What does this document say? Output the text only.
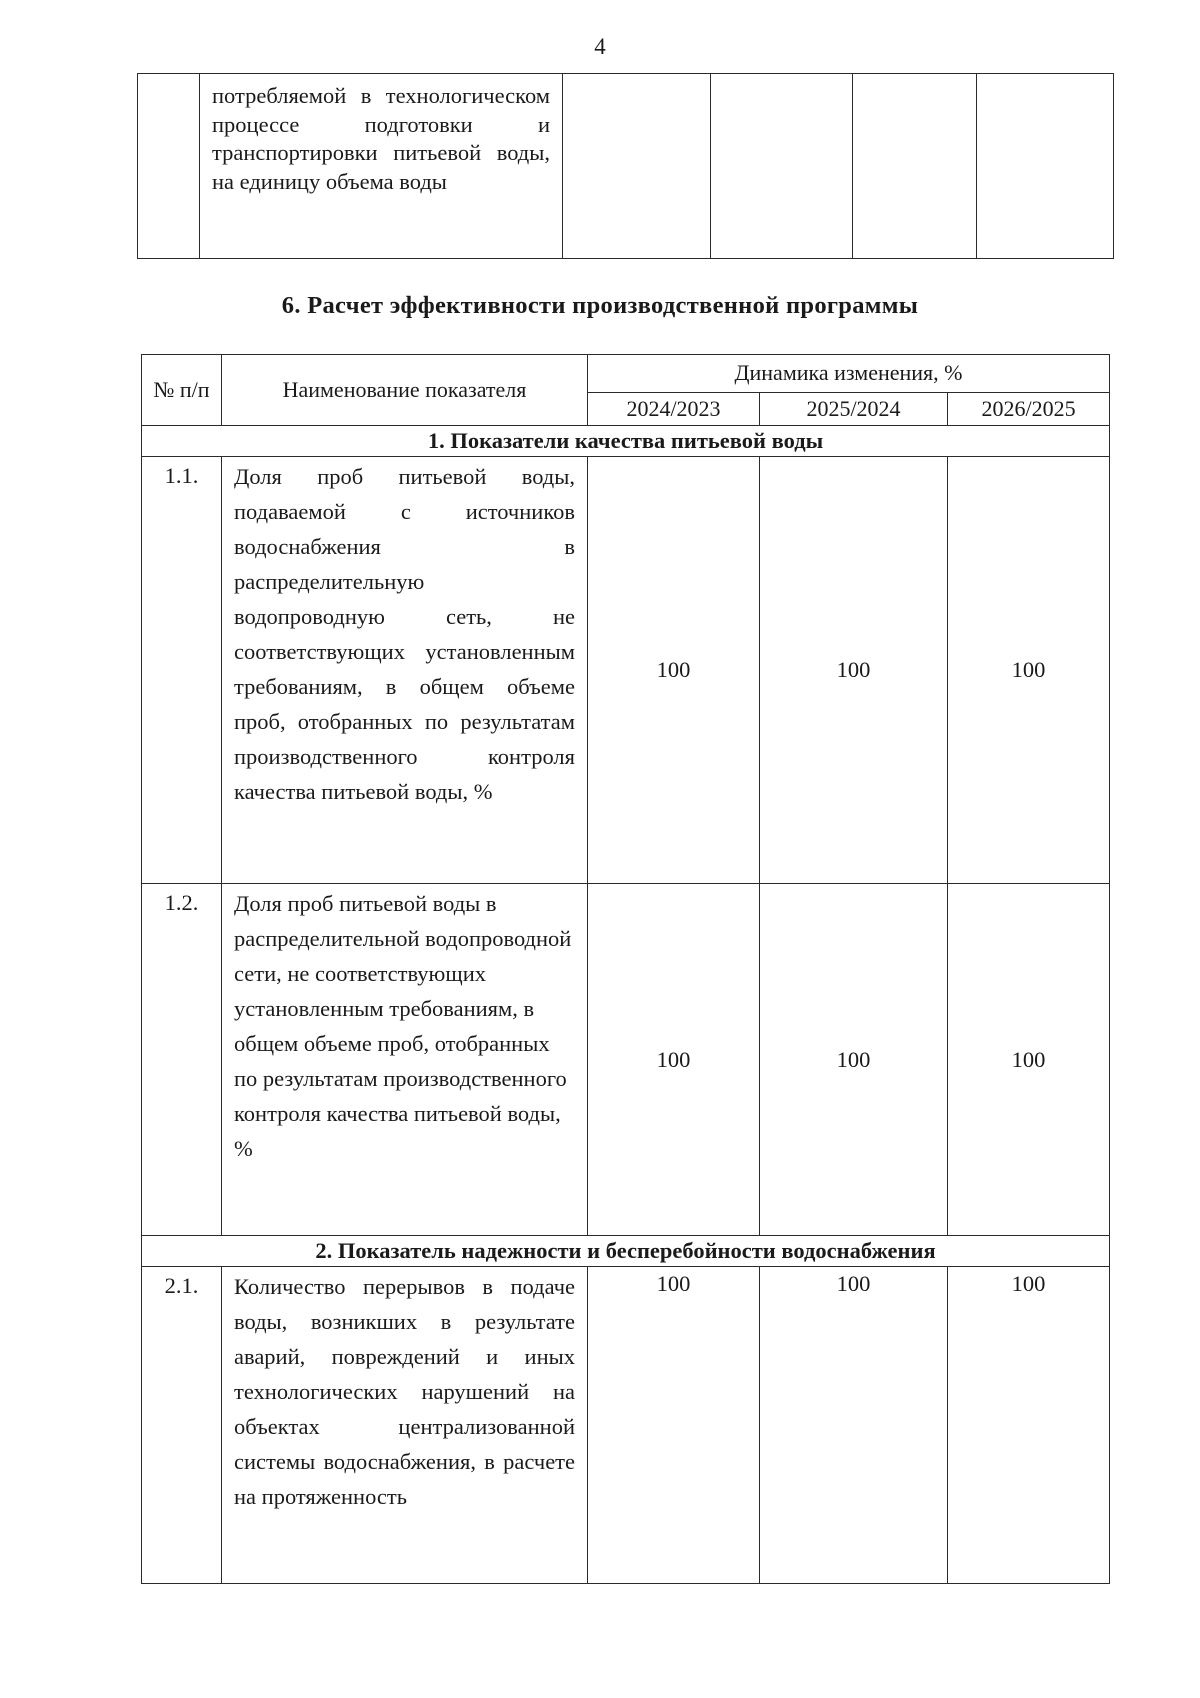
4

потребляемой в технологическом процессе подготовки и транспортировки питьевой воды, на единицу объема воды

6. Расчет эффективности производственной программы
№ п/п	Наименование показателя	Динамика изменения, %		
		2024/2023	2025/2024	2026/2025
1. Показатели качества питьевой воды				
1.1.	Доля проб питьевой воды, подаваемой с источников водоснабжения в распределительную водопроводную сеть, не соответствующих установленным требованиям, в общем объеме проб, отобранных по результатам производственного контроля качества питьевой воды, %	100	100	100
1.2.	Доля проб питьевой воды в распределительной водопроводной сети, не соответствующих установленным требованиям, в общем объеме проб, отобранных по результатам производственного контроля качества питьевой воды, %	100	100	100
2. Показатель надежности и бесперебойности водоснабжения				
2.1.	Количество перерывов в подаче воды, возникших в результате аварий, повреждений и иных технологических нарушений на объектах централизованной системы водоснабжения, в расчете на протяженность	100	100	100
